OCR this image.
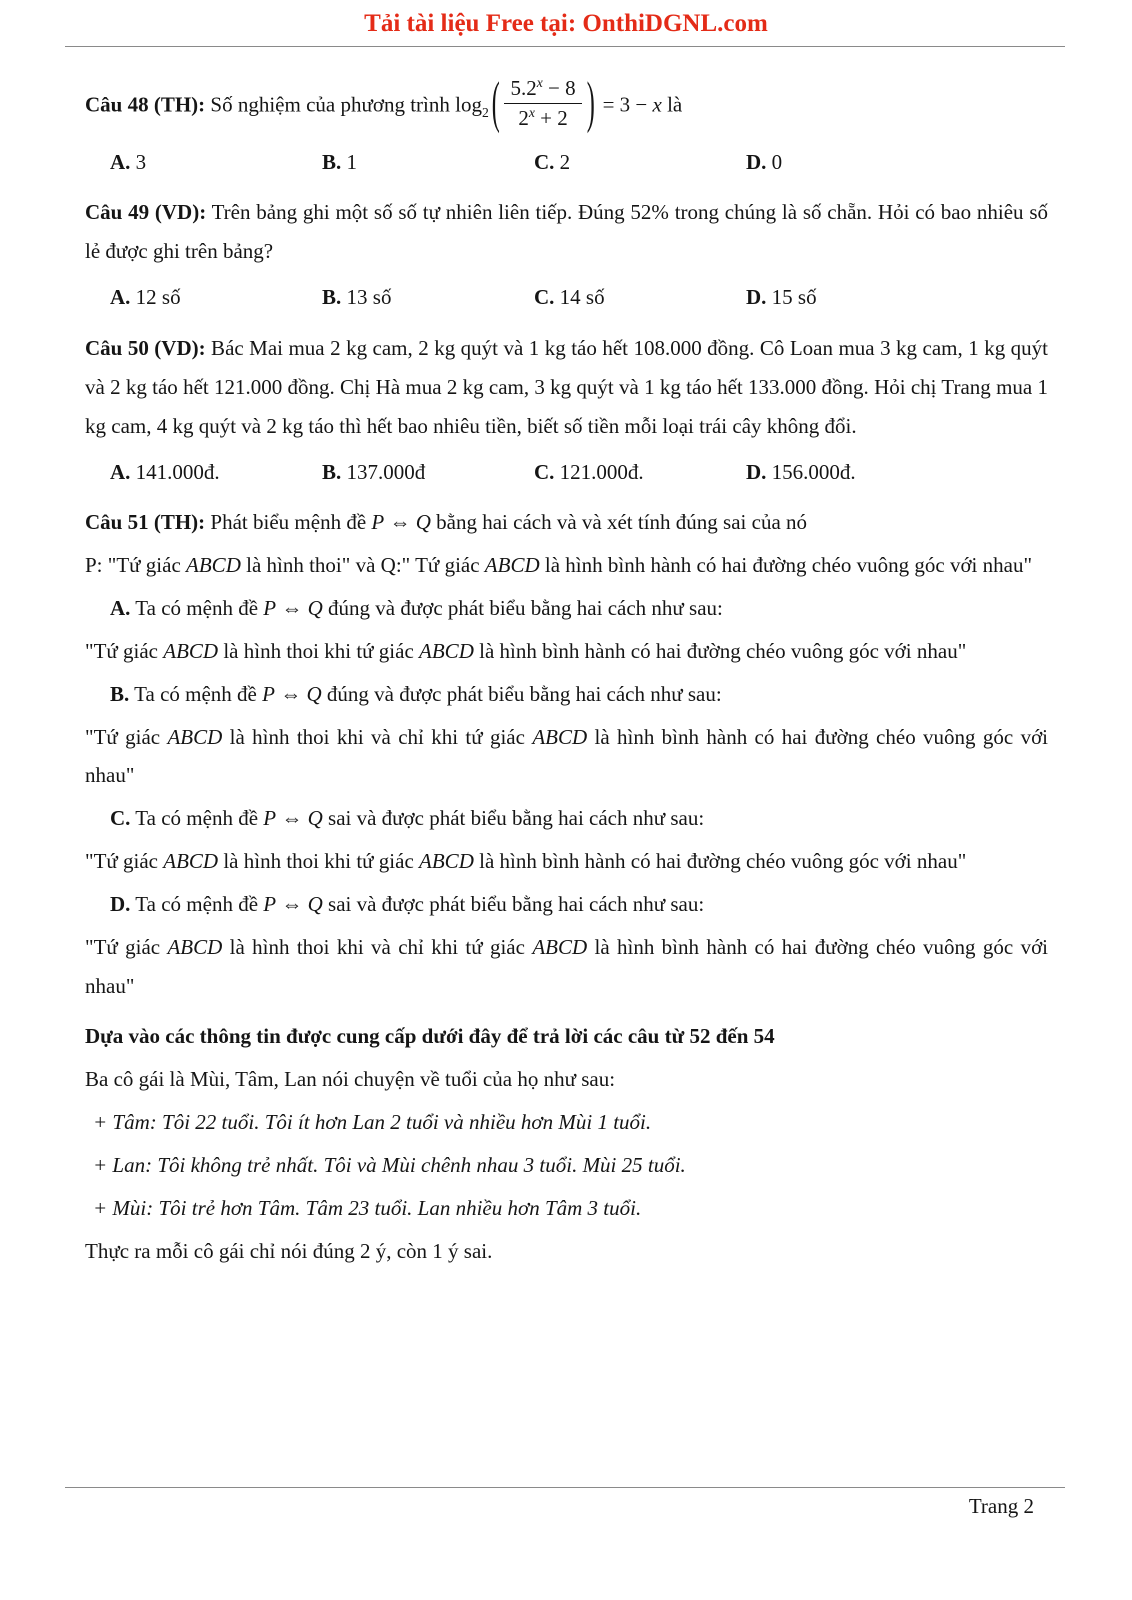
Tải tài liệu Free tại: OnthiDGNL.com
Câu 48 (TH): Số nghiệm của phương trình $\log_2$ ( $\frac{5.2^x - 8}{2^x + 2}$ ) = 3 − x là
A. 3	B. 1	C. 2	D. 0
Câu 49 (VD): Trên bảng ghi một số số tự nhiên liên tiếp. Đúng 52% trong chúng là số chẵn. Hỏi có bao nhiêu số lẻ được ghi trên bảng?
A. 12 số	B. 13 số	C. 14 số	D. 15 số
Câu 50 (VD): Bác Mai mua 2 kg cam, 2 kg quýt và 1 kg táo hết 108.000 đồng. Cô Loan mua 3 kg cam, 1 kg quýt và 2 kg táo hết 121.000 đồng. Chị Hà mua 2 kg cam, 3 kg quýt và 1 kg táo hết 133.000 đồng. Hỏi chị Trang mua 1 kg cam, 4 kg quýt và 2 kg táo thì hết bao nhiêu tiền, biết số tiền mỗi loại trái cây không đổi.
A. 141.000đ.	B. 137.000đ	C. 121.000đ.	D. 156.000đ.
Câu 51 (TH): Phát biểu mệnh đề P ⇔ Q bằng hai cách và và xét tính đúng sai của nó
P: "Tứ giác ABCD là hình thoi" và Q:" Tứ giác ABCD là hình bình hành có hai đường chéo vuông góc với nhau"
A. Ta có mệnh đề P ⇔ Q đúng và được phát biểu bằng hai cách như sau:
"Tứ giác ABCD là hình thoi khi tứ giác ABCD là hình bình hành có hai đường chéo vuông góc với nhau"
B. Ta có mệnh đề P ⇔ Q đúng và được phát biểu bằng hai cách như sau:
"Tứ giác ABCD là hình thoi khi và chỉ khi tứ giác ABCD là hình bình hành có hai đường chéo vuông góc với nhau"
C. Ta có mệnh đề P ⇔ Q sai và được phát biểu bằng hai cách như sau:
"Tứ giác ABCD là hình thoi khi tứ giác ABCD là hình bình hành có hai đường chéo vuông góc với nhau"
D. Ta có mệnh đề P ⇔ Q sai và được phát biểu bằng hai cách như sau:
"Tứ giác ABCD là hình thoi khi và chỉ khi tứ giác ABCD là hình bình hành có hai đường chéo vuông góc với nhau"
Dựa vào các thông tin được cung cấp dưới đây để trả lời các câu từ 52 đến 54
Ba cô gái là Mùi, Tâm, Lan nói chuyện về tuổi của họ như sau:
+ Tâm: Tôi 22 tuổi. Tôi ít hơn Lan 2 tuổi và nhiều hơn Mùi 1 tuổi.
+ Lan: Tôi không trẻ nhất. Tôi và Mùi chênh nhau 3 tuổi. Mùi 25 tuổi.
+ Mùi: Tôi trẻ hơn Tâm. Tâm 23 tuổi. Lan nhiều hơn Tâm 3 tuổi.
Thực ra mỗi cô gái chỉ nói đúng 2 ý, còn 1 ý sai.
Trang 2
